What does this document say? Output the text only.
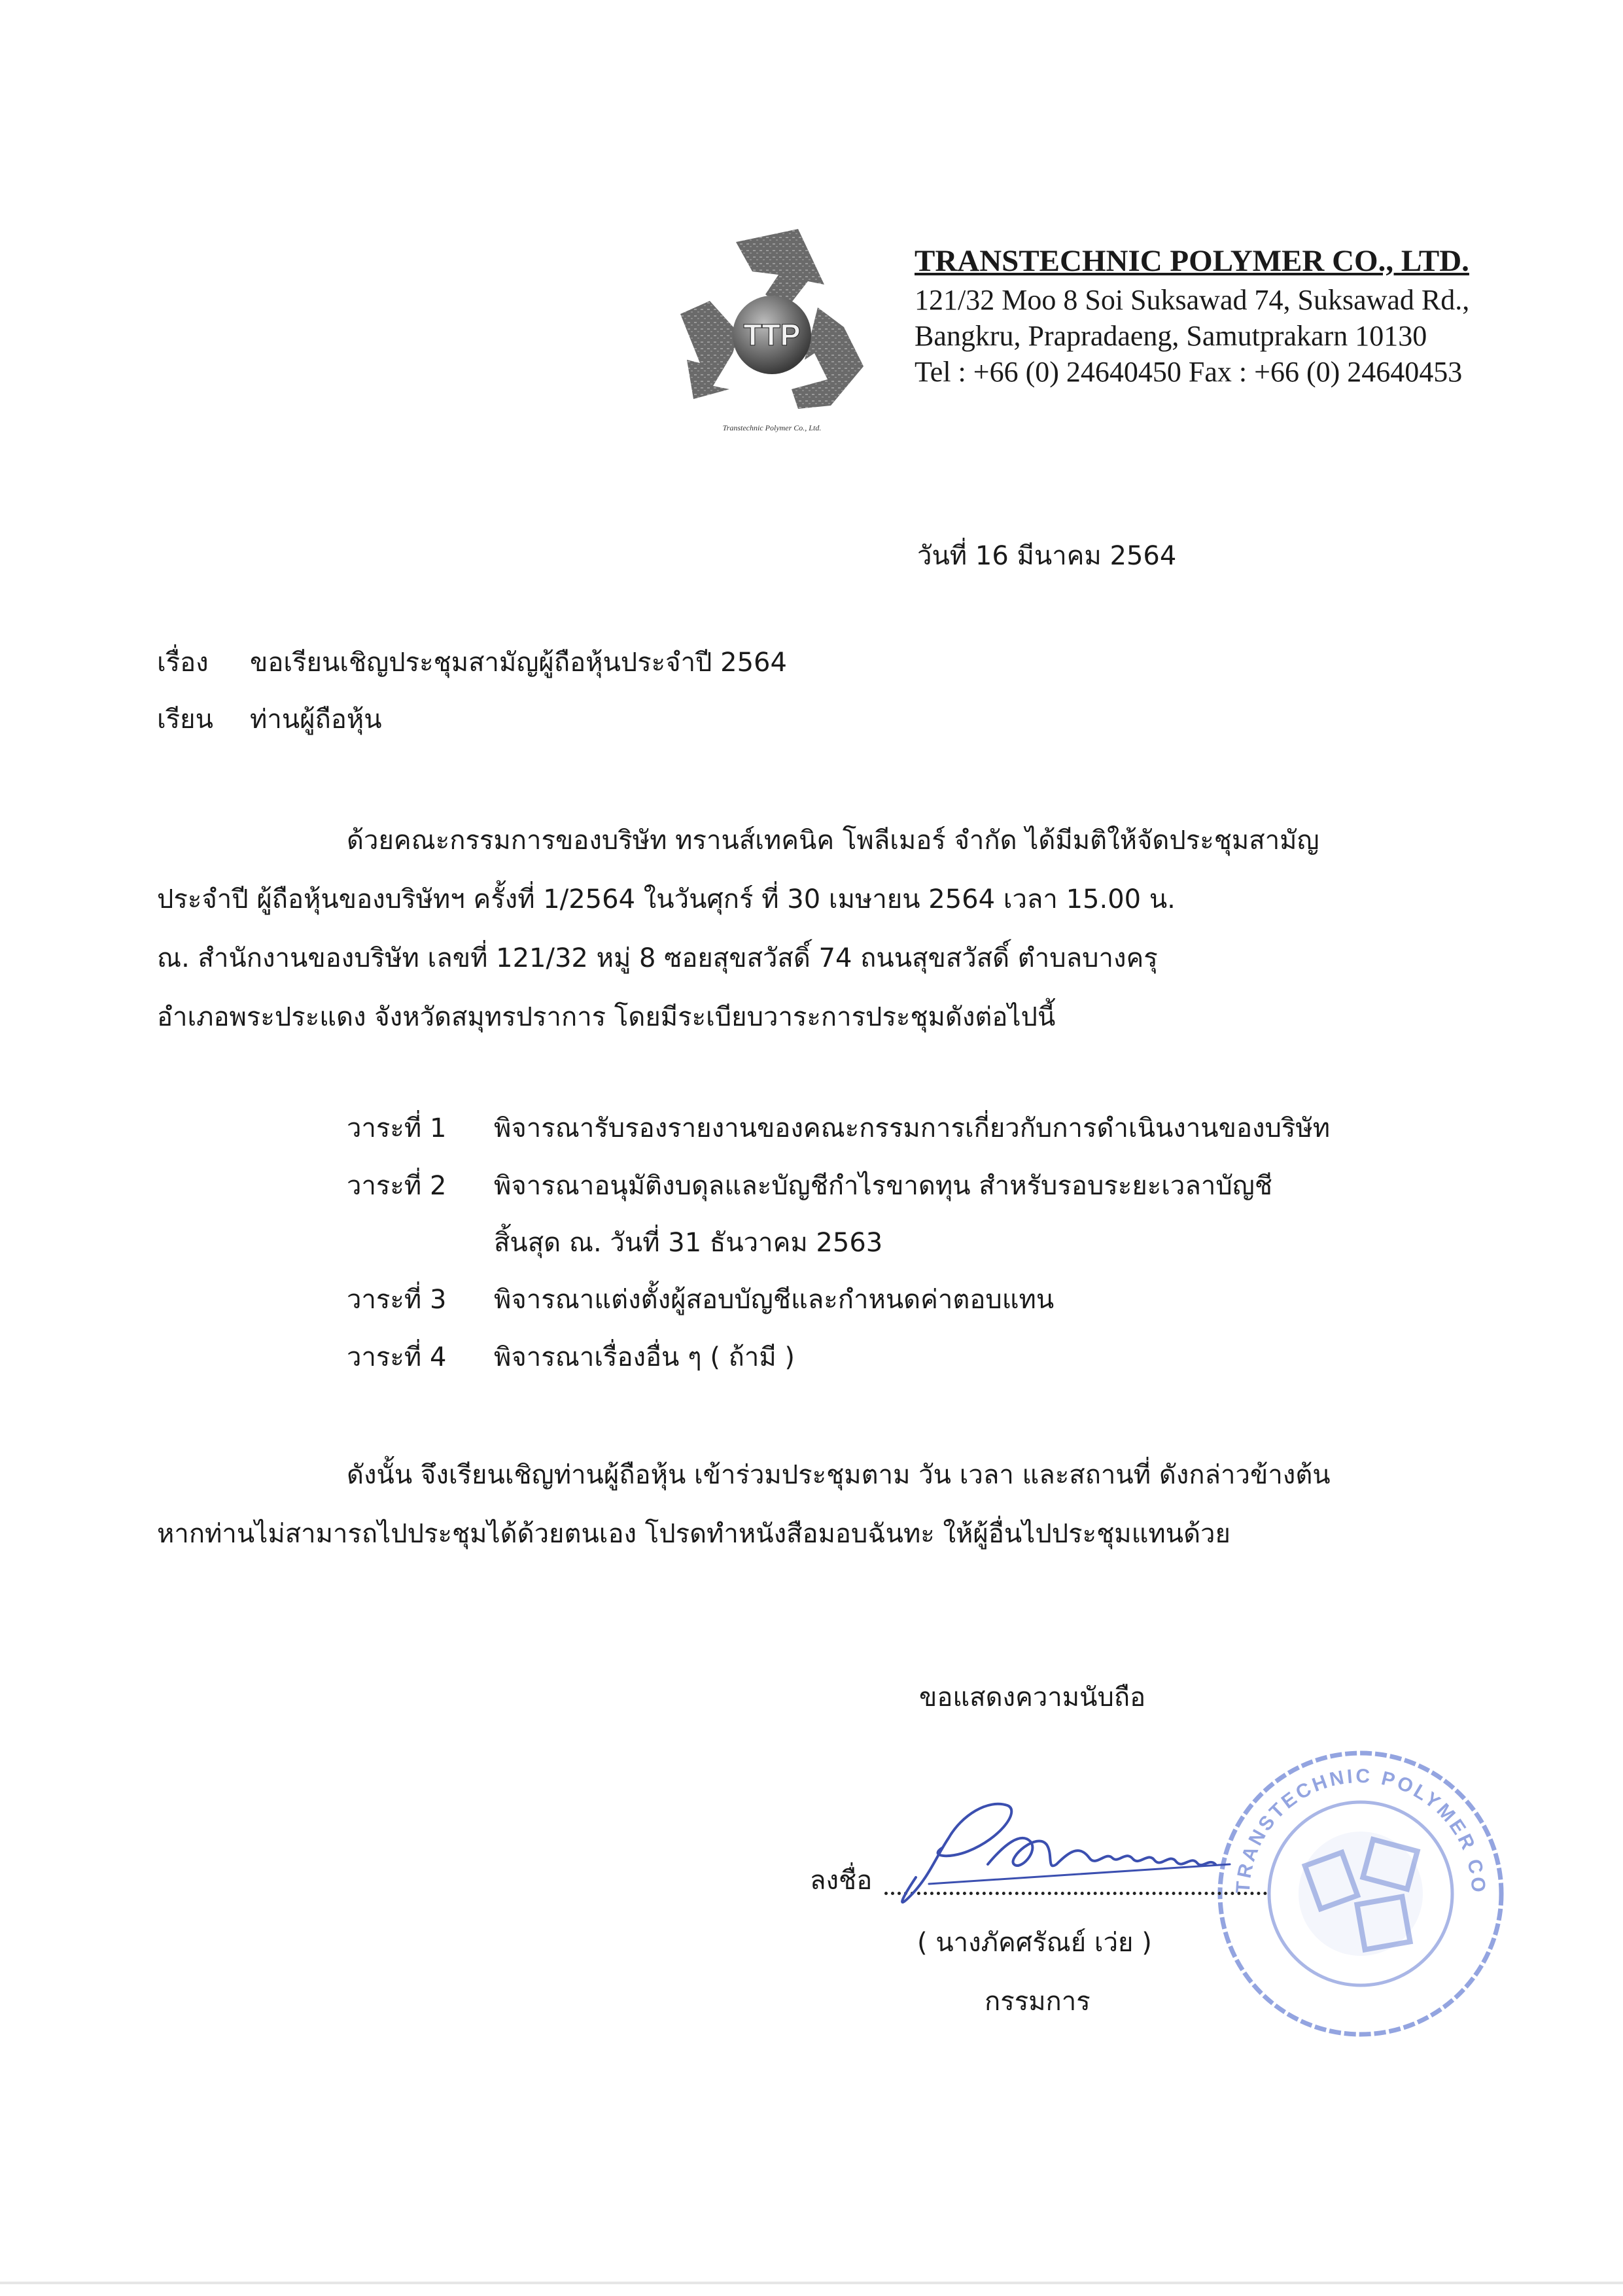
TTP
Transtechnic Polymer Co., Ltd.
TRANSTECHNIC POLYMER CO., LTD.
121/32 Moo 8 Soi Suksawad 74, Suksawad Rd.,
Bangkru, Prapradaeng, Samutprakarn 10130
Tel : +66 (0) 24640450 Fax : +66 (0) 24640453
วันที่ 16 มีนาคม 2564
เรื่อง ขอเรียนเชิญประชุมสามัญผู้ถือหุ้นประจำปี 2564
เรียน ท่านผู้ถือหุ้น
ด้วยคณะกรรมการของบริษัท ทรานส์เทคนิค โพลีเมอร์ จำกัด ได้มีมติให้จัดประชุมสามัญ
ประจำปี ผู้ถือหุ้นของบริษัทฯ ครั้งที่ 1/2564 ในวันศุกร์ ที่ 30 เมษายน 2564 เวลา 15.00 น.
ณ. สำนักงานของบริษัท เลขที่ 121/32 หมู่ 8 ซอยสุขสวัสดิ์ 74 ถนนสุขสวัสดิ์ ตำบลบางครุ
อำเภอพระประแดง จังหวัดสมุทรปราการ โดยมีระเบียบวาระการประชุมดังต่อไปนี้
วาระที่ 1	พิจารณารับรองรายงานของคณะกรรมการเกี่ยวกับการดำเนินงานของบริษัท
วาระที่ 2	พิจารณาอนุมัติงบดุลและบัญชีกำไรขาดทุน สำหรับรอบระยะเวลาบัญชี
สิ้นสุด ณ. วันที่ 31 ธันวาคม 2563
วาระที่ 3	พิจารณาแต่งตั้งผู้สอบบัญชีและกำหนดค่าตอบแทน
วาระที่ 4	พิจารณาเรื่องอื่น ๆ ( ถ้ามี )
ดังนั้น จึงเรียนเชิญท่านผู้ถือหุ้น เข้าร่วมประชุมตาม วัน เวลา และสถานที่ ดังกล่าวข้างต้น
หากท่านไม่สามารถไปประชุมได้ด้วยตนเอง โปรดทำหนังสือมอบฉันทะ ให้ผู้อื่นไปประชุมแทนด้วย
ขอแสดงความนับถือ
TRANSTECHNIC POLYMER CO
ลงชื่อ
( นางภัคศรัณย์ เว่ย )
กรรมการ
